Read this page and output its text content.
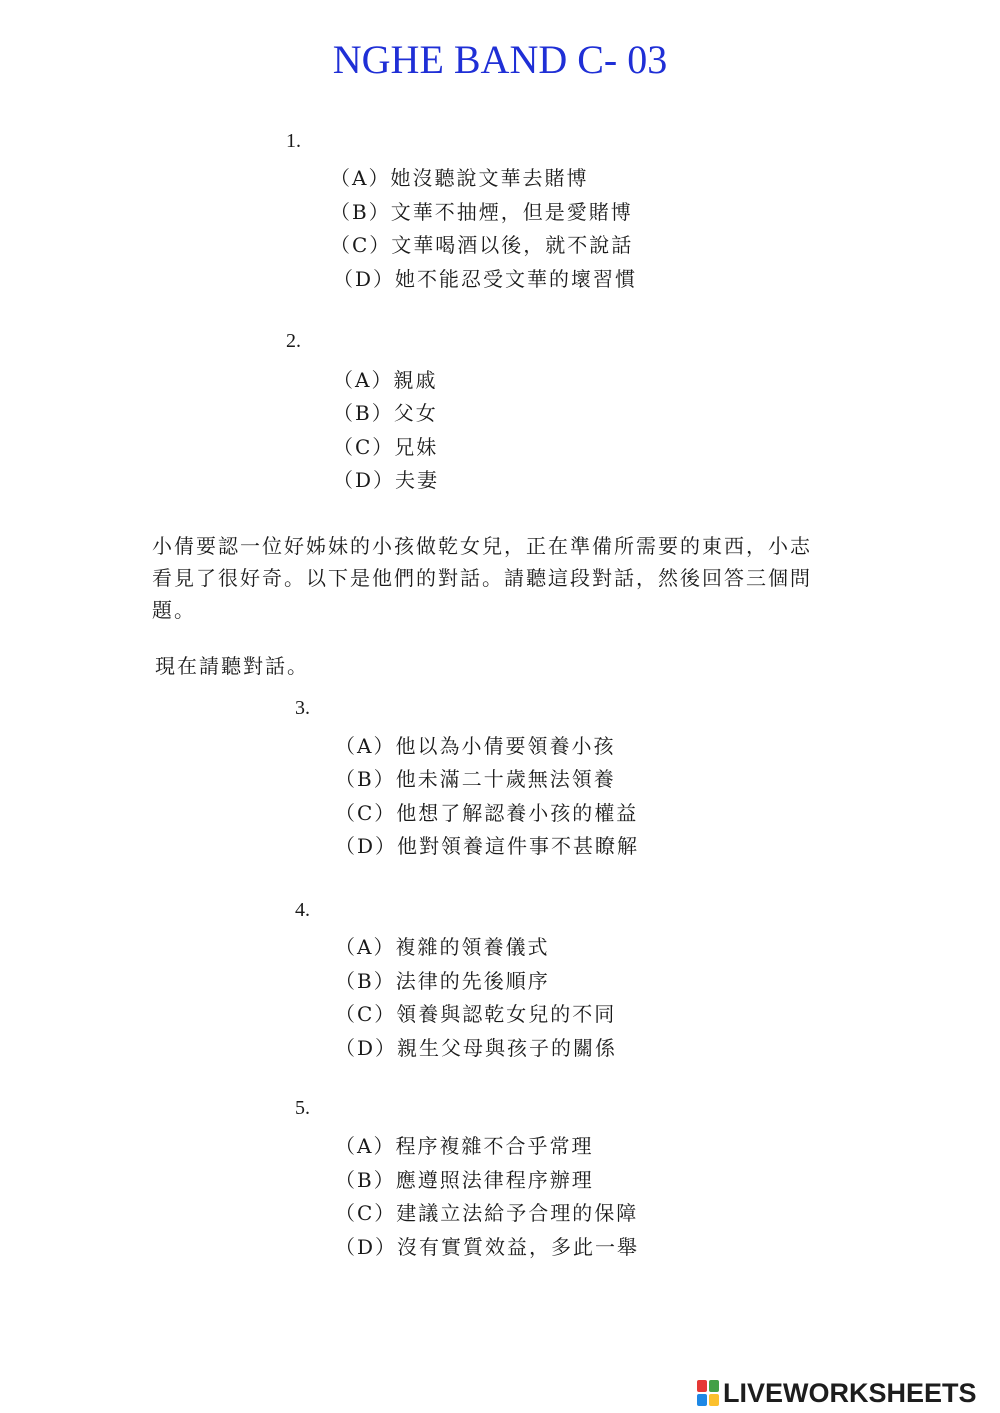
NGHE BAND C- 03
1.
（A）她沒聽說文華去賭博
（B）文華不抽煙，但是愛賭博
（C）文華喝酒以後，就不說話
（D）她不能忍受文華的壞習慣
2.
（A）親戚
（B）父女
（C）兄妹
（D）夫妻
小倩要認一位好姊妹的小孩做乾女兒，正在準備所需要的東西，小志
看見了很好奇。以下是他們的對話。請聽這段對話，然後回答三個問
題。
現在請聽對話。
3.
（A）他以為小倩要領養小孩
（B）他未滿二十歲無法領養
（C）他想了解認養小孩的權益
（D）他對領養這件事不甚瞭解
4.
（A）複雜的領養儀式
（B）法律的先後順序
（C）領養與認乾女兒的不同
（D）親生父母與孩子的關係
5.
（A）程序複雜不合乎常理
（B）應遵照法律程序辦理
（C）建議立法給予合理的保障
（D）沒有實質效益，多此一舉
LIVEWORKSHEETS
